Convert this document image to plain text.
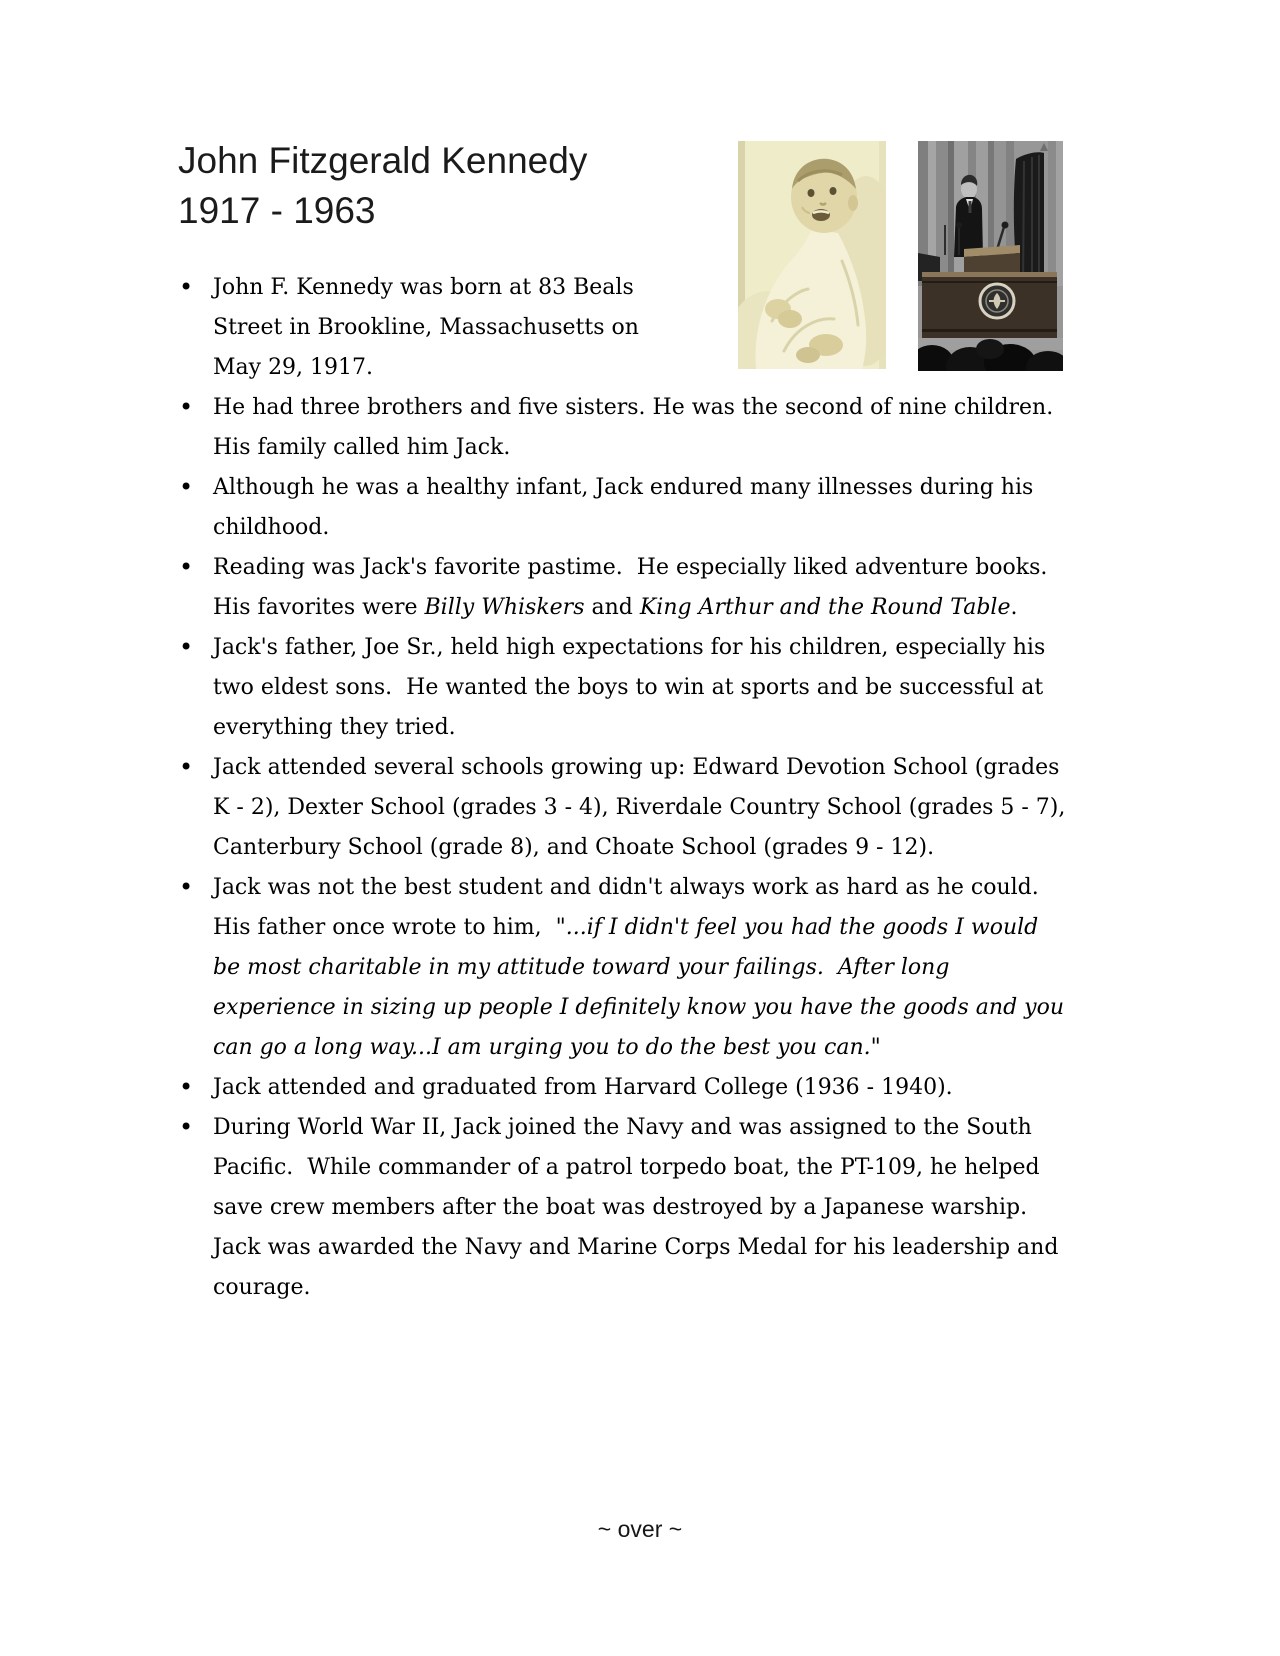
John Fitzgerald Kennedy
1917 - 1963
• John F. Kennedy was born at 83 Beals Street in Brookline, Massachusetts on May 29, 1917.
• He had three brothers and five sisters. He was the second of nine children. His family called him Jack.
• Although he was a healthy infant, Jack endured many illnesses during his childhood.
• Reading was Jack's favorite pastime.  He especially liked adventure books. His favorites were Billy Whiskers and King Arthur and the Round Table.
• Jack's father, Joe Sr., held high expectations for his children, especially his two eldest sons.  He wanted the boys to win at sports and be successful at everything they tried.
• Jack attended several schools growing up: Edward Devotion School (grades K - 2), Dexter School (grades 3 - 4), Riverdale Country School (grades 5 - 7), Canterbury School (grade 8), and Choate School (grades 9 - 12).
• Jack was not the best student and didn't always work as hard as he could. His father once wrote to him,  "...if I didn't feel you had the goods I would be most charitable in my attitude toward your failings.  After long experience in sizing up people I definitely know you have the goods and you can go a long way...I am urging you to do the best you can."
• Jack attended and graduated from Harvard College (1936 - 1940).
• During World War II, Jack joined the Navy and was assigned to the South Pacific.  While commander of a patrol torpedo boat, the PT-109, he helped save crew members after the boat was destroyed by a Japanese warship.  Jack was awarded the Navy and Marine Corps Medal for his leadership and courage.
~ over ~
